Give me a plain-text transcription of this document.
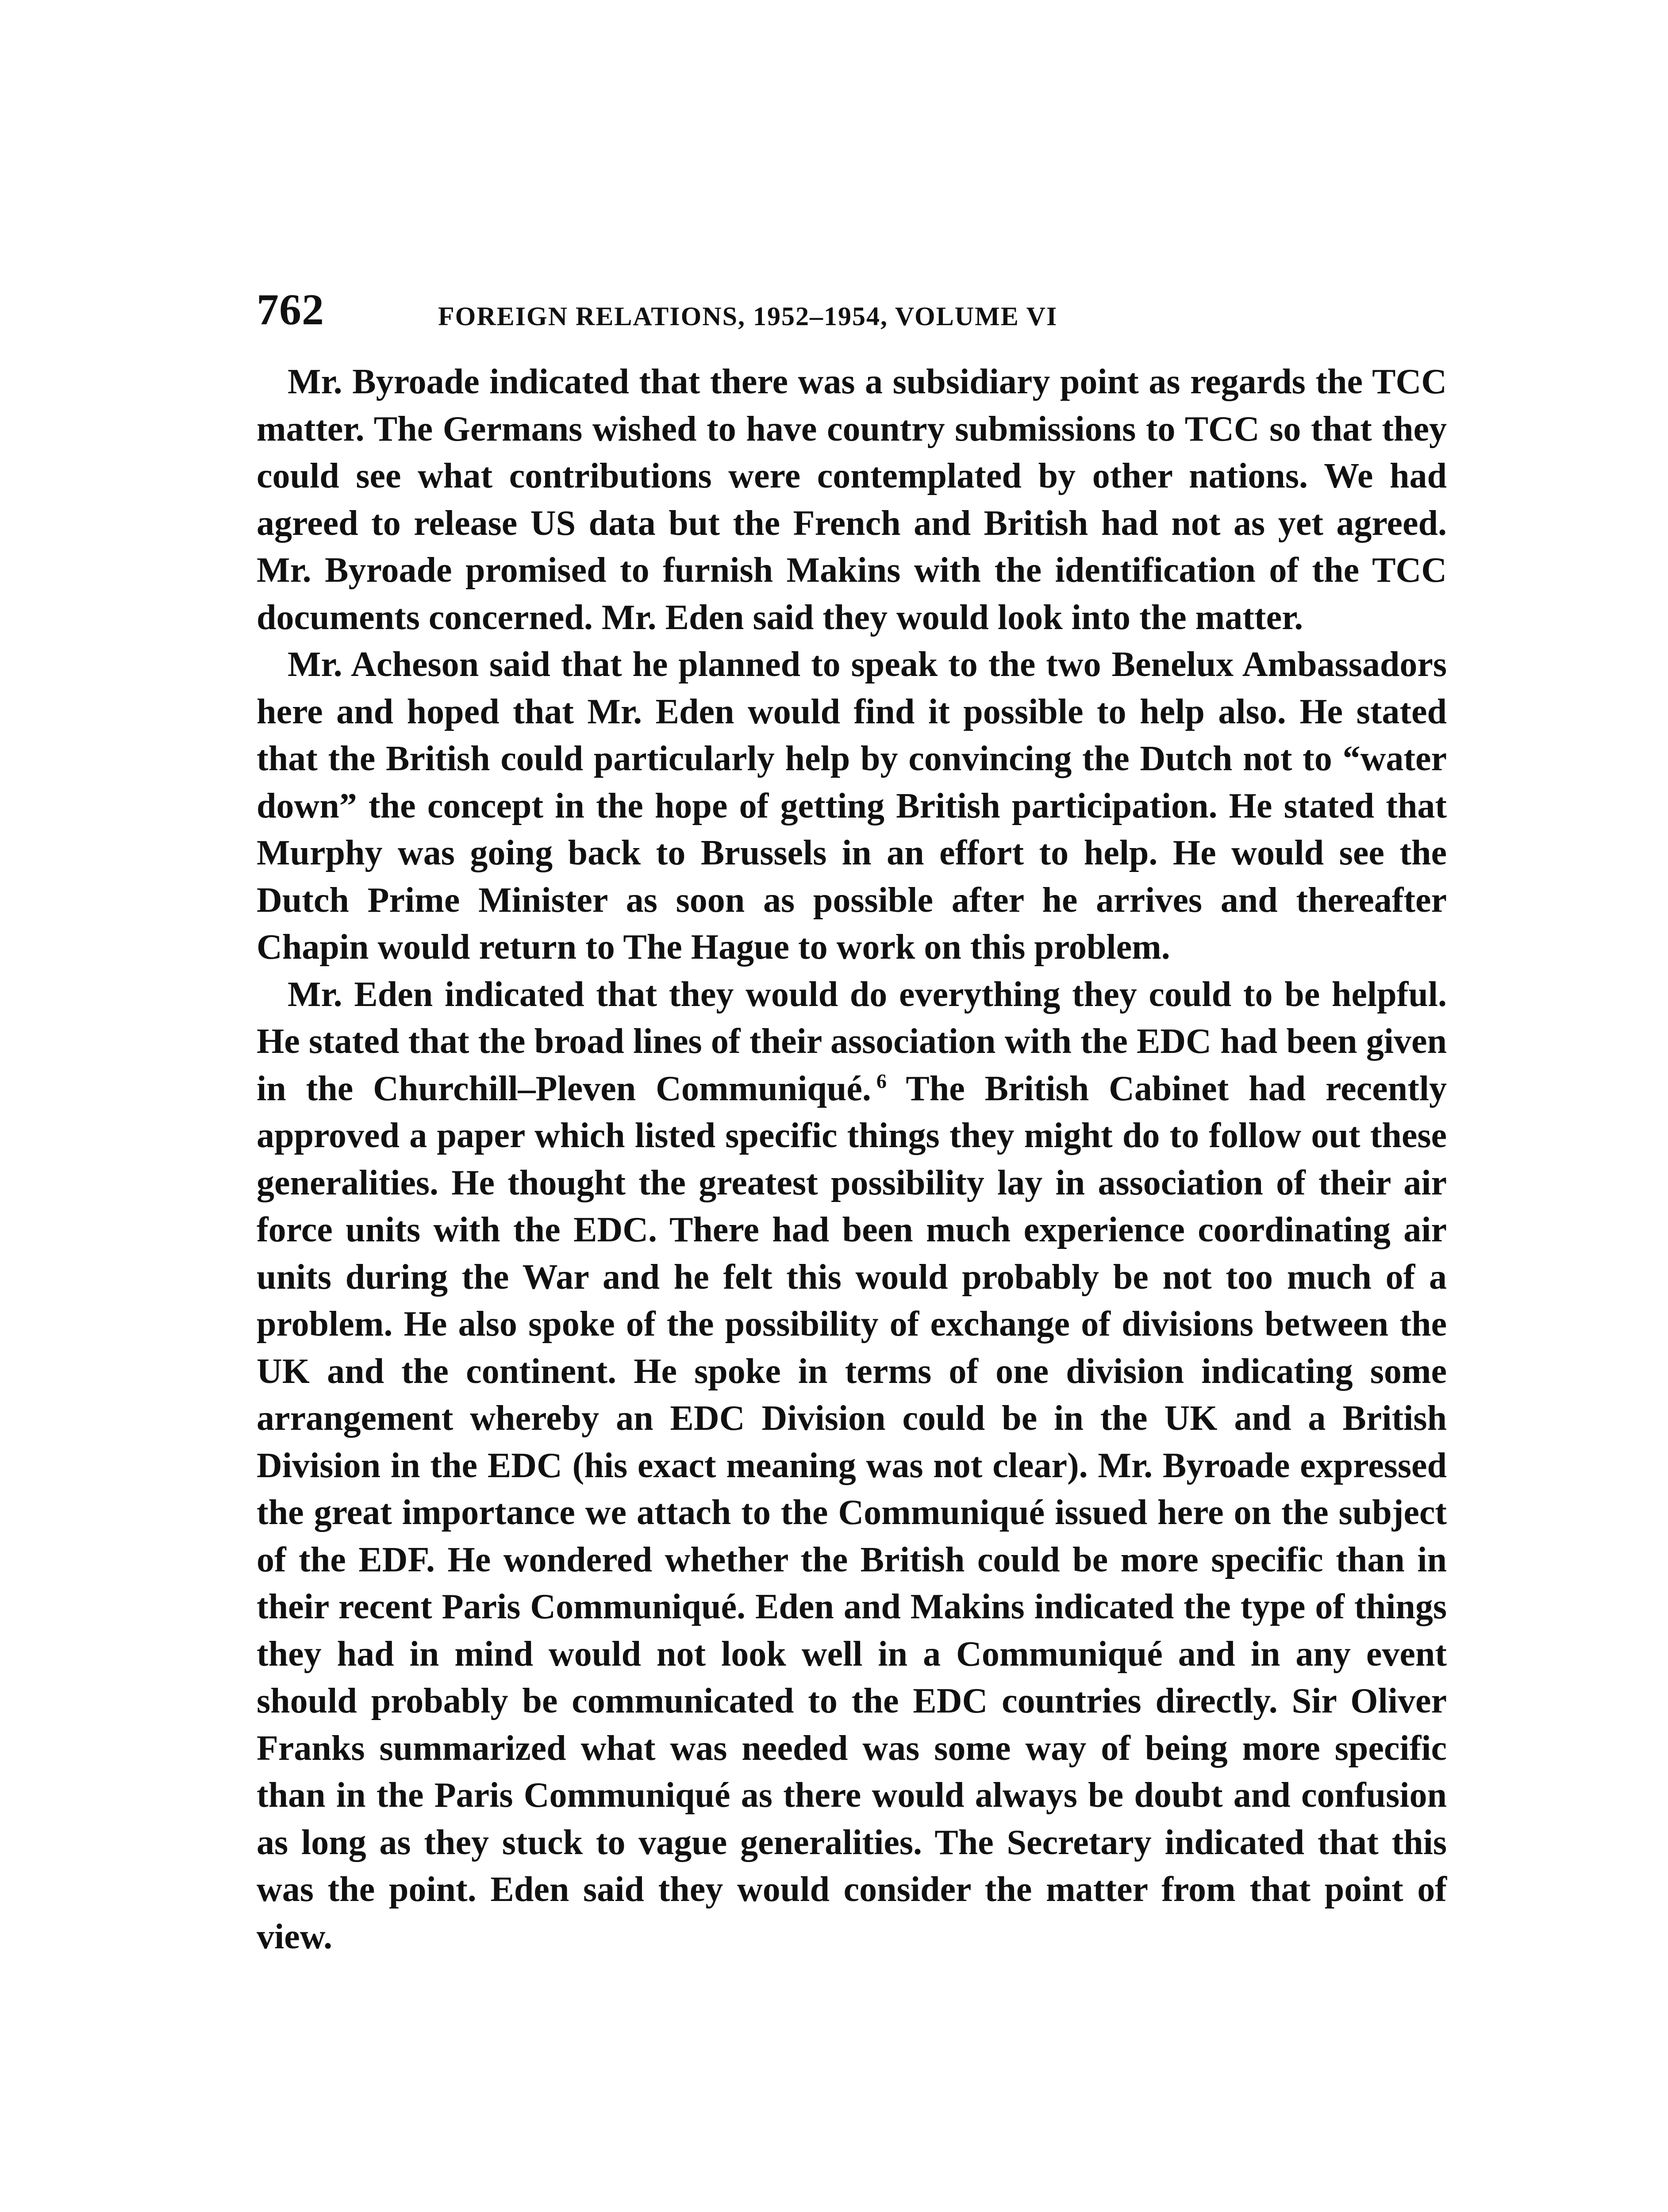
762	FOREIGN RELATIONS, 1952–1954, VOLUME VI

Mr. Byroade indicated that there was a subsidiary point as regards the TCC matter. The Germans wished to have country submissions to TCC so that they could see what contributions were contemplated by other nations. We had agreed to release US data but the French and British had not as yet agreed. Mr. Byroade promised to furnish Makins with the identification of the TCC documents concerned. Mr. Eden said they would look into the matter.

Mr. Acheson said that he planned to speak to the two Benelux Ambassadors here and hoped that Mr. Eden would find it possible to help also. He stated that the British could particularly help by convincing the Dutch not to “water down” the concept in the hope of getting British participation. He stated that Murphy was going back to Brussels in an effort to help. He would see the Dutch Prime Minister as soon as possible after he arrives and thereafter Chapin would return to The Hague to work on this problem.

Mr. Eden indicated that they would do everything they could to be helpful. He stated that the broad lines of their association with the EDC had been given in the Churchill–Pleven Communiqué. $^6$ The British Cabinet had recently approved a paper which listed specific things they might do to follow out these generalities. He thought the greatest possibility lay in association of their air force units with the EDC. There had been much experience coordinating air units during the War and he felt this would probably be not too much of a problem. He also spoke of the possibility of exchange of divisions between the UK and the continent. He spoke in terms of one division indicating some arrangement whereby an EDC Division could be in the UK and a British Division in the EDC (his exact meaning was not clear). Mr. Byroade expressed the great importance we attach to the Communiqué issued here on the subject of the EDF. He wondered whether the British could be more specific than in their recent Paris Communiqué. Eden and Makins indicated the type of things they had in mind would not look well in a Communiqué and in any event should probably be communicated to the EDC countries directly. Sir Oliver Franks summarized what was needed was some way of being more specific than in the Paris Communiqué as there would always be doubt and confusion as long as they stuck to vague generalities. The Secretary indicated that this was the point. Eden said they would consider the matter from that point of view.
